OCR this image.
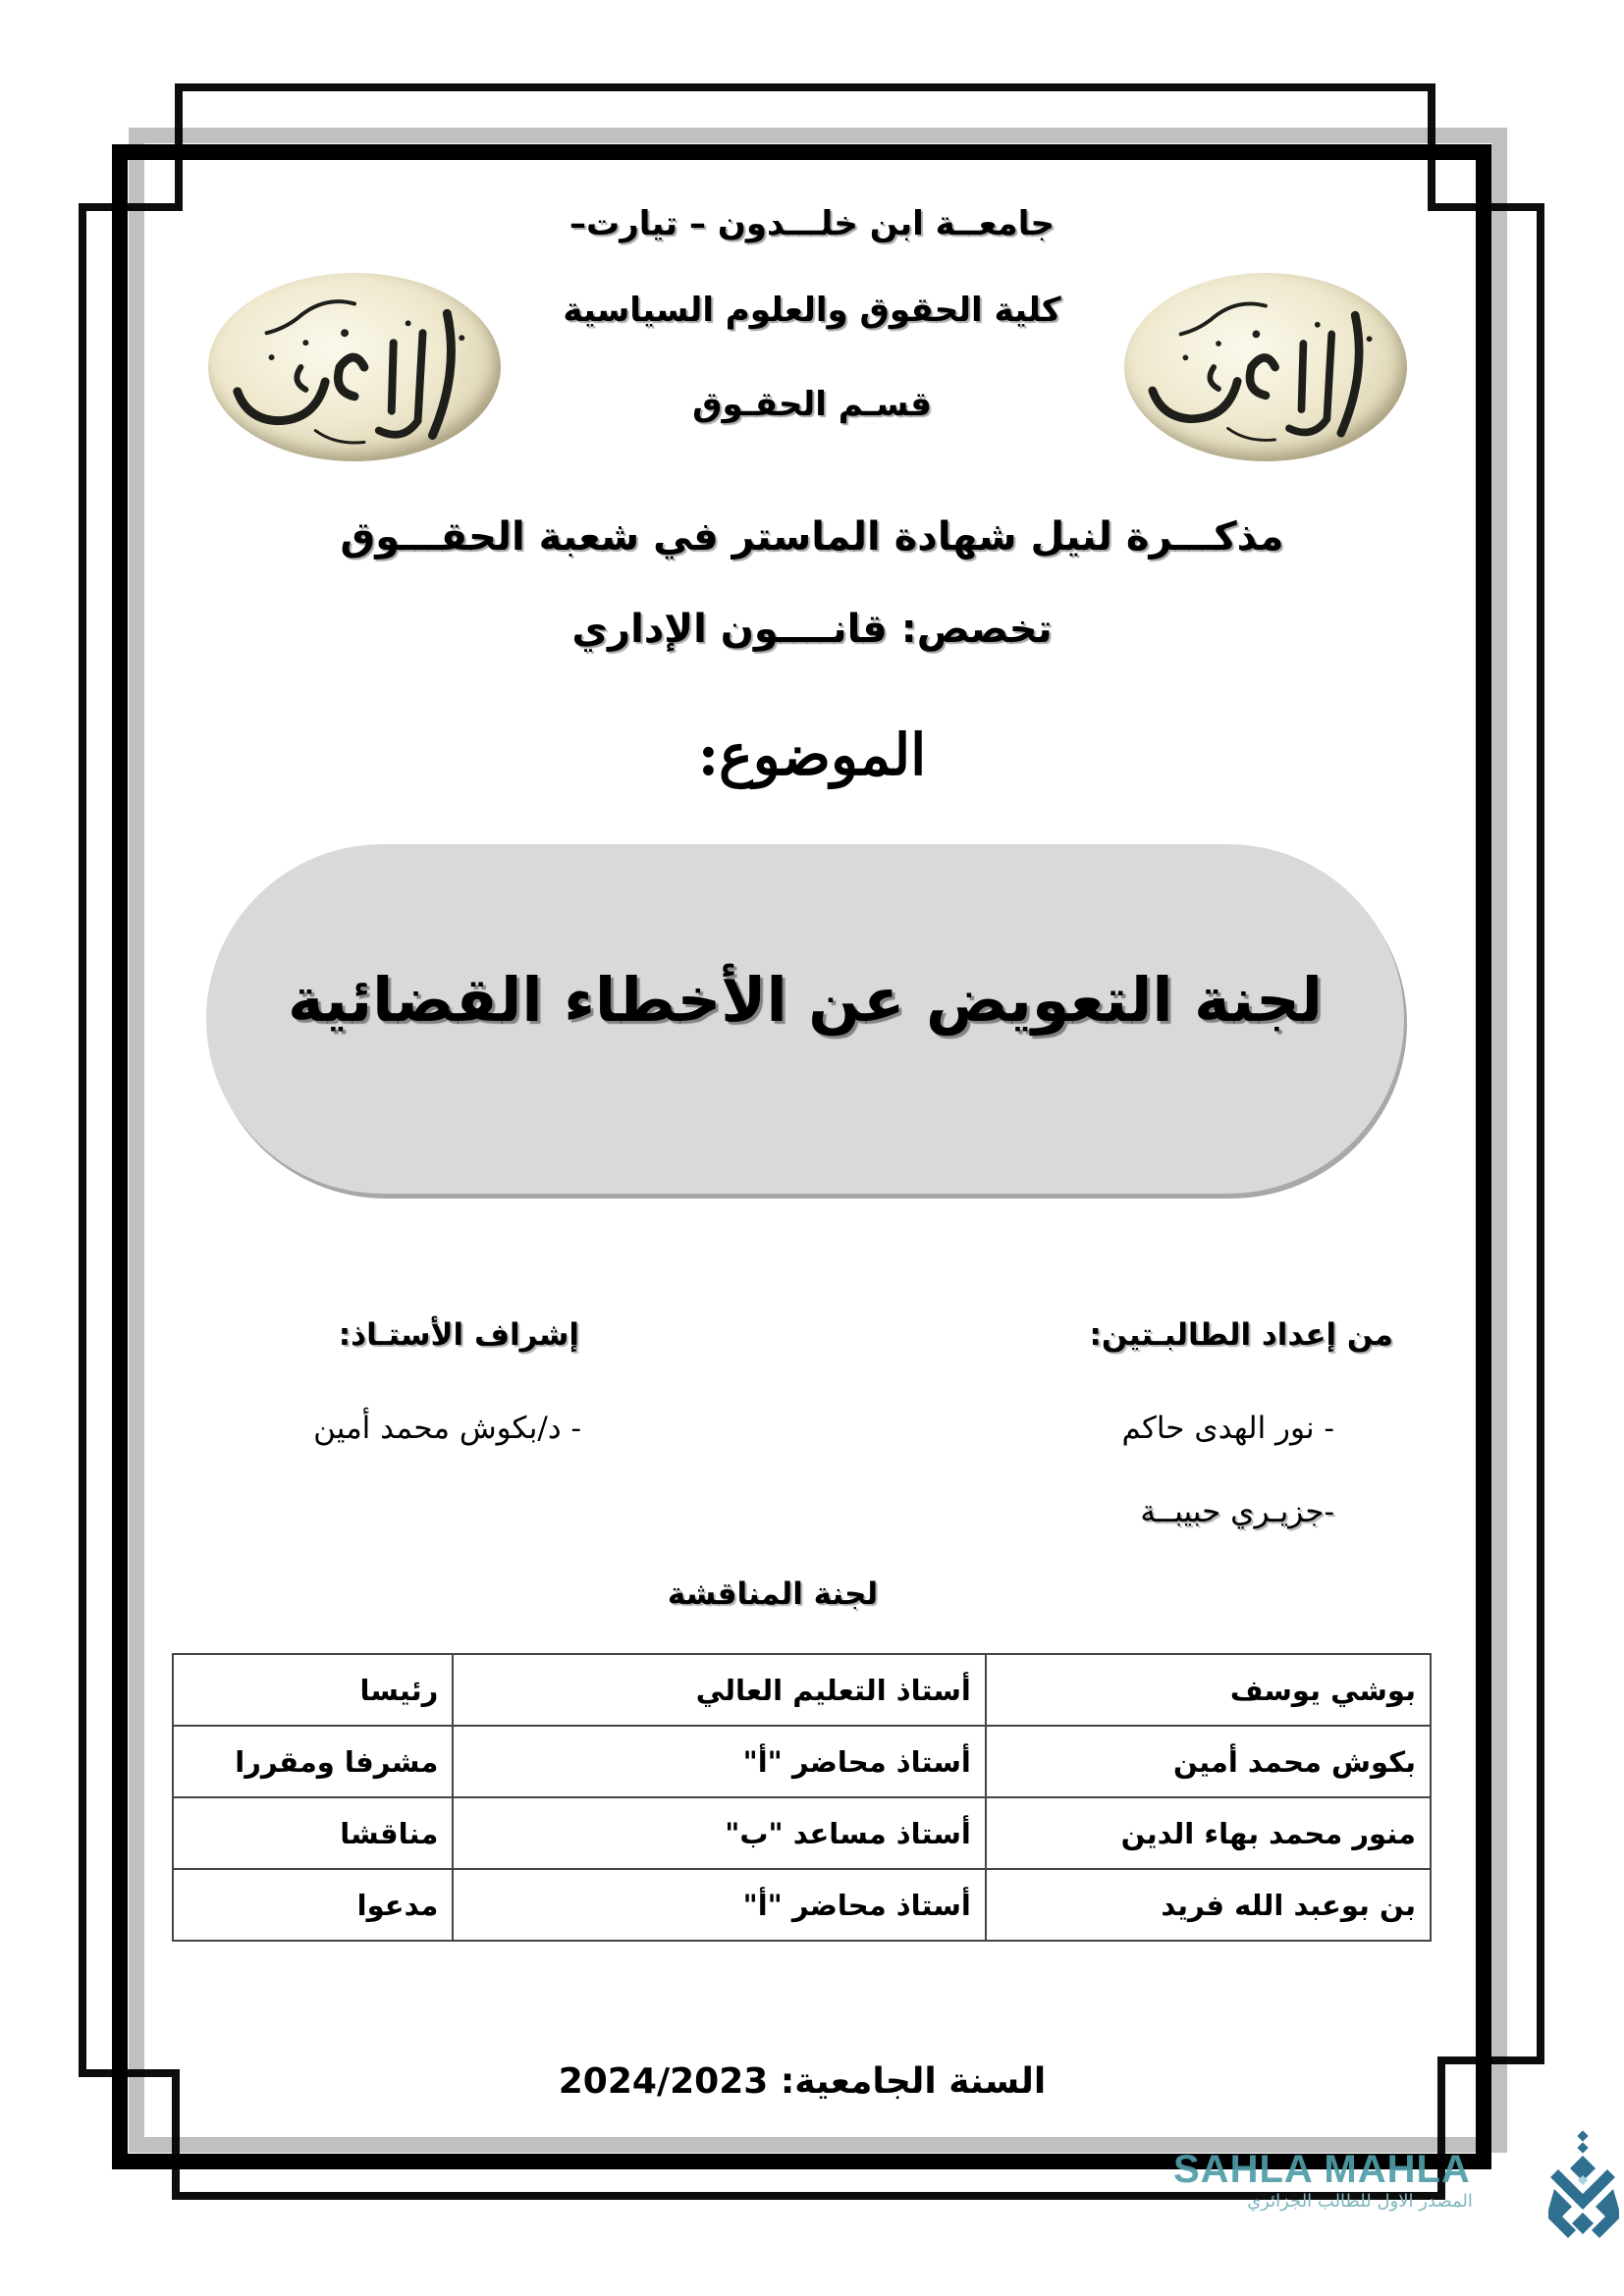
جامعــة ابن خلـــدون – تيارت–
كلية الحقوق والعلوم السياسية
قسـم الحقـوق
مذكـــرة لنيل شهادة الماستر في شعبة الحقـــوق
تخصص: قانــــون الإداري
الموضوع:
لجنة التعويض عن الأخطاء القضائية
من إعداد الطالبـتين:
إشراف الأستـاذ:
- نور الهدى حاكم
- د/بكوش محمد أمين
-جزيـري حبيبــة
لجنة المناقشة
بوشي يوسف	أستاذ التعليم العالي	رئيسا
بكوش محمد أمين	أستاذ محاضر "أ"	مشرفا ومقررا
منور محمد بهاء الدين	أستاذ مساعد "ب"	مناقشا
بن بوعبد الله فريد	أستاذ محاضر "أ"	مدعوا
السنة الجامعية: 2024/2023
SAHLA MAHLA
المصدر الاول للطالب الجزائري
